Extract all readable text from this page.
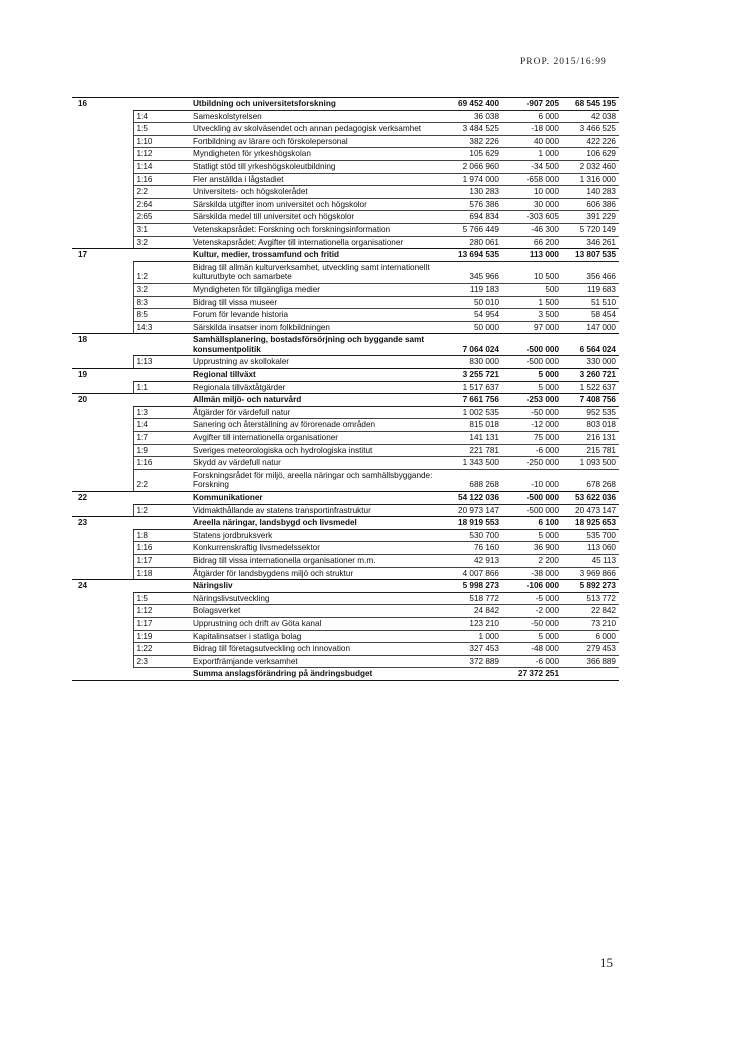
PROP. 2015/16:99
16		Utbildning och universitetsforskning	69 452 400	-907 205	68 545 195
	1:4	Sameskolstyrelsen	36 038	6 000	42 038
	1:5	Utveckling av skolväsendet och annan pedagogisk verksamhet	3 484 525	-18 000	3 466 525
	1:10	Fortbildning av lärare och förskolepersonal	382 226	40 000	422 226
	1:12	Myndigheten för yrkeshögskolan	105 629	1 000	106 629
	1:14	Statligt stöd till yrkeshögskoleutbildning	2 066 960	-34 500	2 032 460
	1:16	Fler anställda i lågstadiet	1 974 000	-658 000	1 316 000
	2:2	Universitets- och högskolerådet	130 283	10 000	140 283
	2:64	Särskilda utgifter inom universitet och högskolor	576 386	30 000	606 386
	2:65	Särskilda medel till universitet och högskolor	694 834	-303 605	391 229
	3:1	Vetenskapsrådet: Forskning och forskningsinformation	5 766 449	-46 300	5 720 149
	3:2	Vetenskapsrådet: Avgifter till internationella organisationer	280 061	66 200	346 261
17		Kultur, medier, trossamfund och fritid	13 694 535	113 000	13 807 535
	1:2	Bidrag till allmän kulturverksamhet, utveckling samt internationellt kulturutbyte och samarbete	345 966	10 500	356 466
	3:2	Myndigheten för tillgängliga medier	119 183	500	119 683
	8:3	Bidrag till vissa museer	50 010	1 500	51 510
	8:5	Forum för levande historia	54 954	3 500	58 454
	14:3	Särskilda insatser inom folkbildningen	50 000	97 000	147 000
18		Samhällsplanering, bostadsförsörjning och byggande samt konsumentpolitik	7 064 024	-500 000	6 564 024
	1:13	Upprustning av skollokaler	830 000	-500 000	330 000
19		Regional tillväxt	3 255 721	5 000	3 260 721
	1:1	Regionala tillväxtåtgärder	1 517 637	5 000	1 522 637
20		Allmän miljö- och naturvård	7 661 756	-253 000	7 408 756
	1:3	Åtgärder för värdefull natur	1 002 535	-50 000	952 535
	1:4	Sanering och återställning av förorenade områden	815 018	-12 000	803 018
	1:7	Avgifter till internationella organisationer	141 131	75 000	216 131
	1:9	Sveriges meteorologiska och hydrologiska institut	221 781	-6 000	215 781
	1:16	Skydd av värdefull natur	1 343 500	-250 000	1 093 500
	2:2	Forskningsrådet för miljö, areella näringar och samhällsbyggande: Forskning	688 268	-10 000	678 268
22		Kommunikationer	54 122 036	-500 000	53 622 036
	1:2	Vidmakthållande av statens transportinfrastruktur	20 973 147	-500 000	20 473 147
23		Areella näringar, landsbygd och livsmedel	18 919 553	6 100	18 925 653
	1:8	Statens jordbruksverk	530 700	5 000	535 700
	1:16	Konkurrenskraftig livsmedelssektor	76 160	36 900	113 060
	1:17	Bidrag till vissa internationella organisationer m.m.	42 913	2 200	45 113
	1:18	Åtgärder för landsbygdens miljö och struktur	4 007 866	-38 000	3 969 866
24		Näringsliv	5 998 273	-106 000	5 892 273
	1:5	Näringslivsutveckling	518 772	-5 000	513 772
	1:12	Bolagsverket	24 842	-2 000	22 842
	1:17	Upprustning och drift av Göta kanal	123 210	-50 000	73 210
	1:19	Kapitalinsatser i statliga bolag	1 000	5 000	6 000
	1:22	Bidrag till företagsutveckling och innovation	327 453	-48 000	279 453
	2:3	Exportfrämjande verksamhet	372 889	-6 000	366 889
		Summa anslagsförändring på ändringsbudget		27 372 251	
15
